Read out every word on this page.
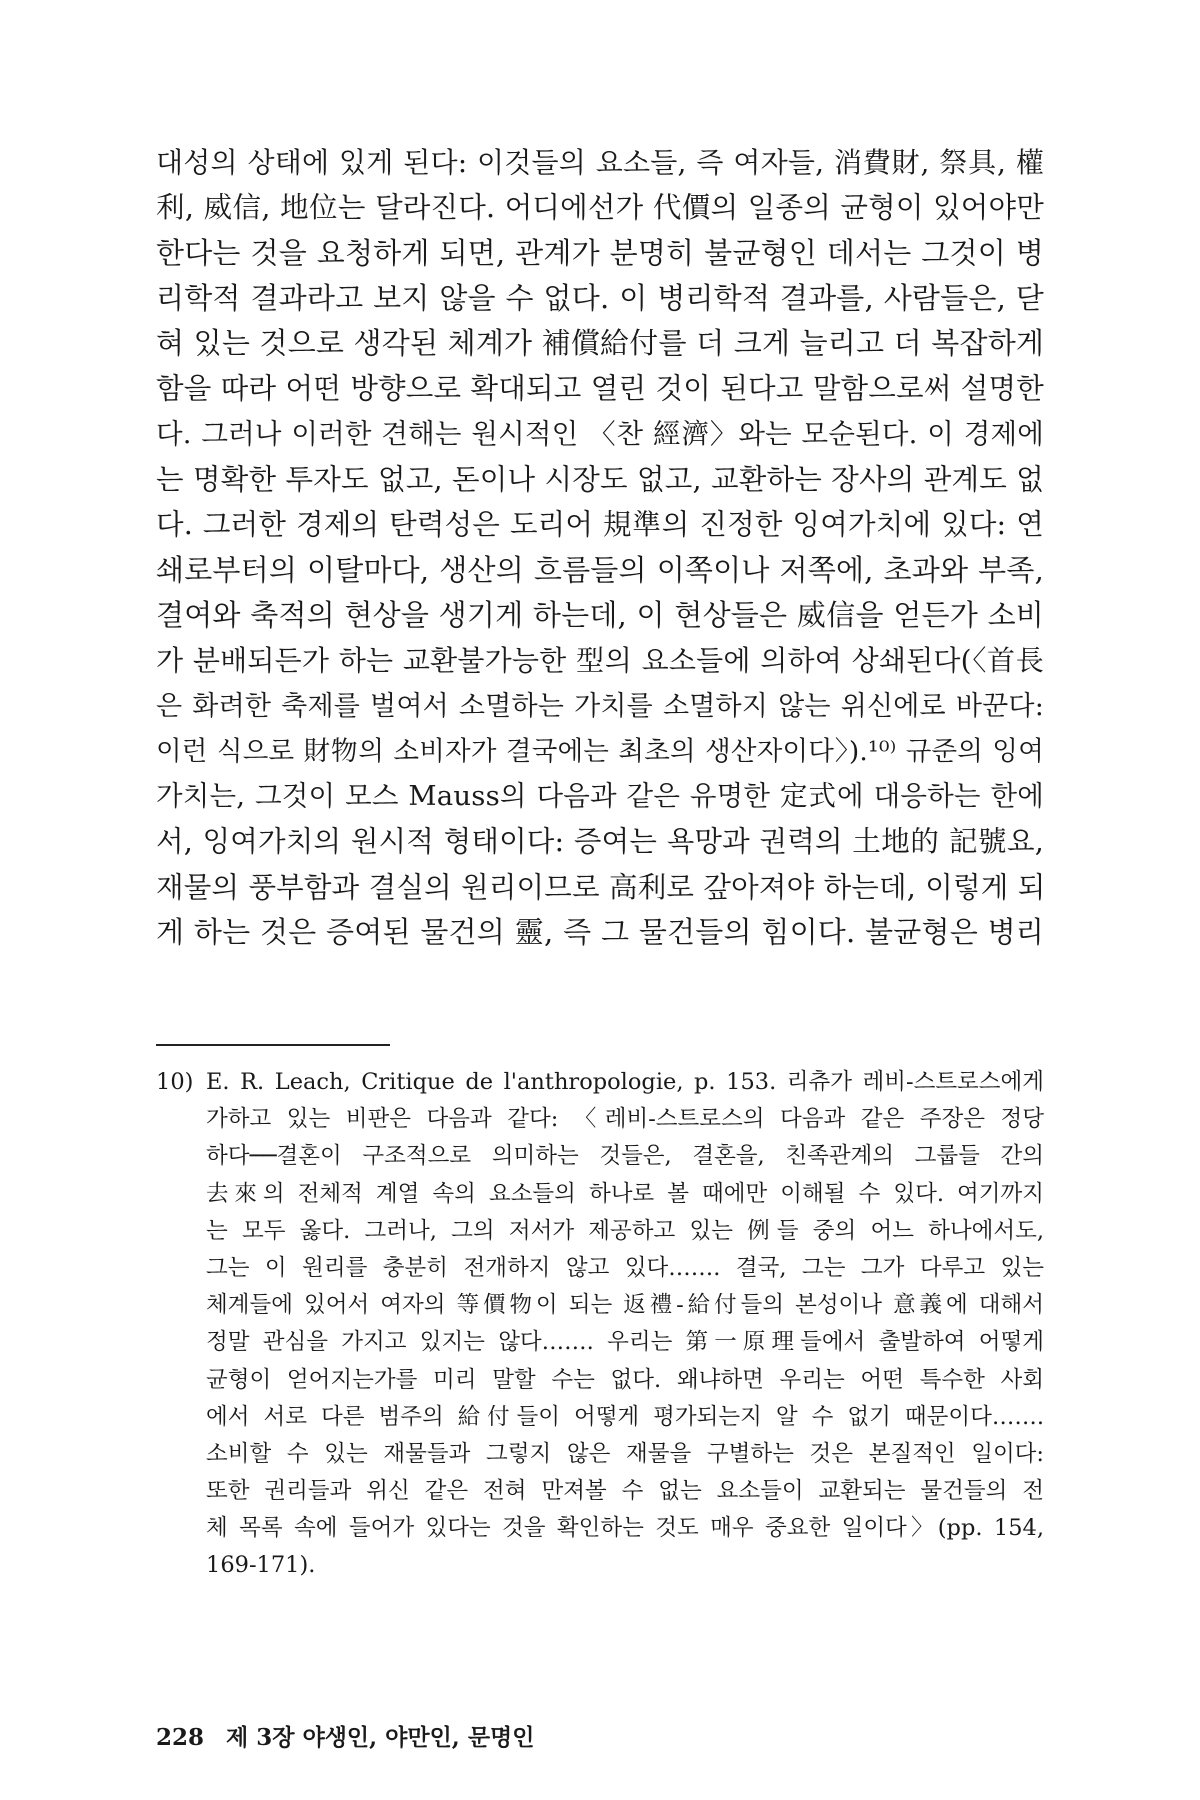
대성의 상태에 있게 된다: 이것들의 요소들, 즉 여자들, 消費財, 祭具, 權
利, 威信, 地位는 달라진다. 어디에선가 代價의 일종의 균형이 있어야만
한다는 것을 요청하게 되면, 관계가 분명히 불균형인 데서는 그것이 병
리학적 결과라고 보지 않을 수 없다. 이 병리학적 결과를, 사람들은, 닫
혀 있는 것으로 생각된 체계가 補償給付를 더 크게 늘리고 더 복잡하게
함을 따라 어떤 방향으로 확대되고 열린 것이 된다고 말함으로써 설명한
다. 그러나 이러한 견해는 원시적인 〈찬 經濟〉와는 모순된다. 이 경제에
는 명확한 투자도 없고, 돈이나 시장도 없고, 교환하는 장사의 관계도 없
다. 그러한 경제의 탄력성은 도리어 規準의 진정한 잉여가치에 있다: 연
쇄로부터의 이탈마다, 생산의 흐름들의 이쪽이나 저쪽에, 초과와 부족,
결여와 축적의 현상을 생기게 하는데, 이 현상들은 威信을 얻든가 소비
가 분배되든가 하는 교환불가능한 型의 요소들에 의하여 상쇄된다(〈首長
은 화려한 축제를 벌여서 소멸하는 가치를 소멸하지 않는 위신에로 바꾼다:
이런 식으로 財物의 소비자가 결국에는 최초의 생산자이다〉).¹⁰⁾ 규준의 잉여
가치는, 그것이 모스 Mauss의 다음과 같은 유명한 定式에 대응하는 한에
서, 잉여가치의 원시적 형태이다: 증여는 욕망과 권력의 土地的 記號요,
재물의 풍부함과 결실의 원리이므로 高利로 갚아져야 하는데, 이렇게 되
게 하는 것은 증여된 물건의 靈, 즉 그 물건들의 힘이다. 불균형은 병리
10) E. R. Leach, Critique de l'anthropologie, p. 153. 리츄가 레비-스트로스에게
가하고 있는 비판은 다음과 같다: 〈레비-스트로스의 다음과 같은 주장은 정당
하다──결혼이 구조적으로 의미하는 것들은, 결혼을, 친족관계의 그룹들 간의
去來의 전체적 계열 속의 요소들의 하나로 볼 때에만 이해될 수 있다. 여기까지
는 모두 옳다. 그러나, 그의 저서가 제공하고 있는 例들 중의 어느 하나에서도,
그는 이 원리를 충분히 전개하지 않고 있다……. 결국, 그는 그가 다루고 있는
체계들에 있어서 여자의 等價物이 되는 返禮-給付들의 본성이나 意義에 대해서
정말 관심을 가지고 있지는 않다……. 우리는 第一原理들에서 출발하여 어떻게
균형이 얻어지는가를 미리 말할 수는 없다. 왜냐하면 우리는 어떤 특수한 사회
에서 서로 다른 범주의 給付들이 어떻게 평가되는지 알 수 없기 때문이다…….
소비할 수 있는 재물들과 그렇지 않은 재물을 구별하는 것은 본질적인 일이다:
또한 권리들과 위신 같은 전혀 만져볼 수 없는 요소들이 교환되는 물건들의 전
체 목록 속에 들어가 있다는 것을 확인하는 것도 매우 중요한 일이다〉(pp. 154,
169-171).
228 제 3장 야생인, 야만인, 문명인
